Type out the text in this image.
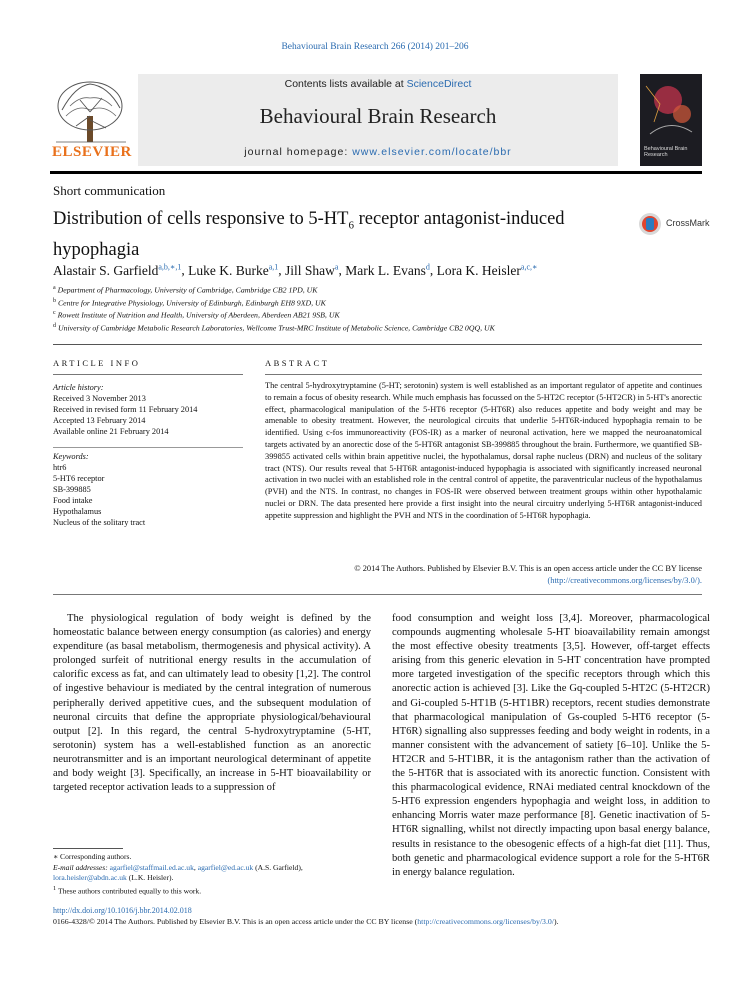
Behavioural Brain Research 266 (2014) 201–206
ELSEVIER
Contents lists available at ScienceDirect
Behavioural Brain Research
journal homepage: www.elsevier.com/locate/bbr	Behavioural Brain Research
Short communication
Distribution of cells responsive to $5-HT_6$ receptor antagonist-induced hypophagia
CrossMark
Alastair S. Garfield$^{a,b,∗,1}$, Luke K. Burke$^{a,1}$, Jill Shaw$^a$, Mark L. Evans$^d$, Lora K. Heisler$^{a,c,∗}$
$^a$ Department of Pharmacology, University of Cambridge, Cambridge CB2 1PD, UK
$^b$ Centre for Integrative Physiology, University of Edinburgh, Edinburgh EH8 9XD, UK
$^c$ Rowett Institute of Nutrition and Health, University of Aberdeen, Aberdeen AB21 9SB, UK
$^d$ University of Cambridge Metabolic Research Laboratories, Wellcome Trust-MRC Institute of Metabolic Science, Cambridge CB2 0QQ, UK
ARTICLE INFO	ABSTRACT
Article history:
Received 3 November 2013
Received in revised form 11 February 2014
Accepted 13 February 2014
Available online 21 February 2014
Keywords:
htr6
5-HT6 receptor
SB-399885
Food intake
Hypothalamus
Nucleus of the solitary tract
The central 5-hydroxytryptamine (5-HT; serotonin) system is well established as an important regulator of appetite and continues to remain a focus of obesity research. While much emphasis has focussed on the 5-HT2C receptor (5-HT2CR) in 5-HT's anorectic effect, pharmacological manipulation of the 5-HT6 receptor (5-HT6R) also reduces appetite and body weight and may be amenable to obesity treatment. However, the neurological circuits that underlie 5-HT6R-induced hypophagia remain to be identified. Using c-fos immunoreactivity (FOS-IR) as a marker of neuronal activation, here we mapped the neuroanatomical targets activated by an anorectic dose of the 5-HT6R antagonist SB-399885 throughout the brain. Furthermore, we quantified SB-399855 activated cells within brain appetitive nuclei, the hypothalamus, dorsal raphe nucleus (DRN) and nucleus of the solitary tract (NTS). Our results reveal that 5-HT6R antagonist-induced hypophagia is associated with significantly increased neuronal activation in two nuclei with an established role in the central control of appetite, the paraventricular nucleus of the hypothalamus (PVH) and the NTS. In contrast, no changes in FOS-IR were observed between treatment groups within other hypothalamic nuclei or DRN. The data presented here provide a first insight into the neural circuitry underlying 5-HT6R antagonist-induced appetite suppression and highlight the PVH and NTS in the coordination of 5-HT6R hypophagia.
© 2014 The Authors. Published by Elsevier B.V. This is an open access article under the CC BY license (http://creativecommons.org/licenses/by/3.0/).
The physiological regulation of body weight is defined by the homeostatic balance between energy consumption (as calories) and energy expenditure (as basal metabolism, thermogenesis and physical activity). A prolonged surfeit of nutritional energy results in the accumulation of calorific excess as fat, and can ultimately lead to obesity [1,2]. The control of ingestive behaviour is mediated by the central integration of numerous peripherally derived appetitive cues, and the subsequent modulation of neuronal circuits that define the appropriate physiological/behavioural output [2]. In this regard, the central 5-hydroxytryptamine (5-HT, serotonin) system has a well-established function as an anorectic neurotransmitter and is an important neurological determinant of appetite and body weight [3]. Specifically, an increase in 5-HT bioavailability or targeted receptor activation leads to a suppression of
food consumption and weight loss [3,4]. Moreover, pharmacological compounds augmenting wholesale 5-HT bioavailability remain amongst the most effective obesity treatments [3,5]. However, off-target effects arising from this generic elevation in 5-HT concentration have prompted more targeted investigation of the specific receptors through which this anorectic action is achieved [3]. Like the Gq-coupled 5-HT2C (5-HT2CR) and Gi-coupled 5-HT1B (5-HT1BR) receptors, recent studies demonstrate that pharmacological manipulation of Gs-coupled 5-HT6 receptor (5-HT6R) signalling also suppresses feeding and body weight in rodents, in a manner consistent with the advancement of satiety [6–10]. Unlike the 5-HT2CR and 5-HT1BR, it is the antagonism rather than the activation of the 5-HT6R that is associated with its anorectic function. Consistent with this pharmacological evidence, RNAi mediated central knockdown of the 5-HT6 expression engenders hypophagia and weight loss, in addition to enhancing Morris water maze performance [8]. Genetic inactivation of 5-HT6R signalling, whilst not directly impacting upon basal energy balance, results in resistance to the obesogenic effects of a high-fat diet [11]. Thus, both genetic and pharmacological evidence support a role for the 5-HT6R in energy balance regulation.
∗ Corresponding authors.
E-mail addresses: agarfiel@staffmail.ed.ac.uk, agarfiel@ed.ac.uk (A.S. Garfield), lora.heisler@abdn.ac.uk (L.K. Heisler).
$^1$ These authors contributed equally to this work.
http://dx.doi.org/10.1016/j.bbr.2014.02.018
0166-4328/© 2014 The Authors. Published by Elsevier B.V. This is an open access article under the CC BY license (http://creativecommons.org/licenses/by/3.0/).
